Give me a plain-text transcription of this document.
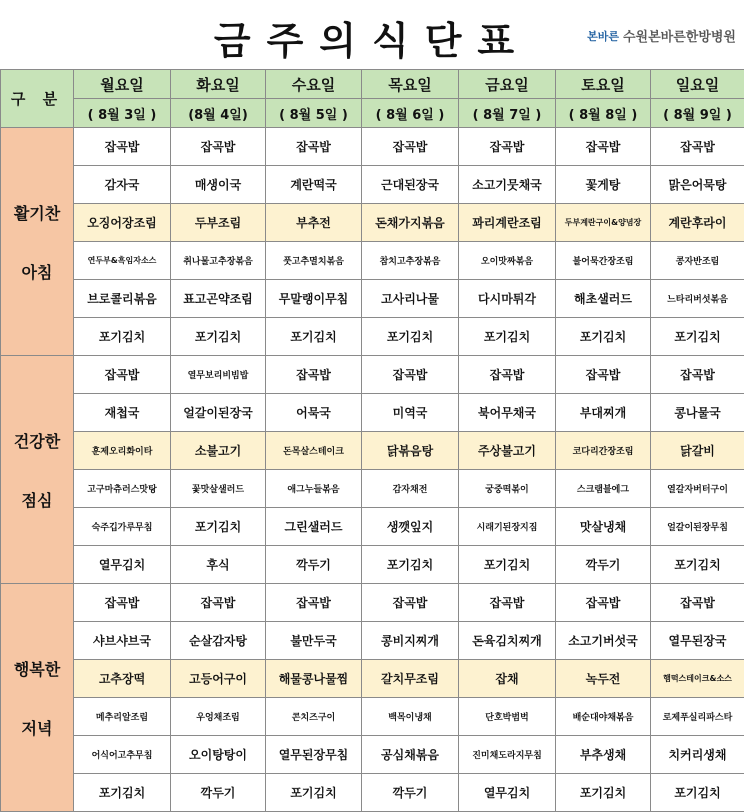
금주의식단표	본바른 수원본바른한방병원
구 분	월요일	화요일	수요일	목요일	금요일	토요일	일요일
	( 8월 3일 )	(8월 4일)	( 8월 5일 )	( 8월 6일 )	( 8월 7일 )	( 8월 8일 )	( 8월 9일 )

활기찬
아침	잡곡밥	잡곡밥	잡곡밥	잡곡밥	잡곡밥	잡곡밥	잡곡밥
	감자국	매생이국	계란떡국	근대된장국	소고기뭇채국	꽃게탕	맑은어묵탕
	오징어장조림	두부조림	부추전	돈채가지볶음	꽈리계란조림	두부계란구이&양념장	계란후라이
	연두부&흑임자소스	취나물고추장볶음	풋고추멸치볶음	참치고추장볶음	오이맛짜볶음	불어묵간장조림	콩자반조림
	브로콜리볶음	표고곤약조림	무말랭이무침	고사리나물	다시마튀각	해초샐러드	느타리버섯볶음
	포기김치	포기김치	포기김치	포기김치	포기김치	포기김치	포기김치

건강한
점심	잡곡밥	열무보리비빔밥	잡곡밥	잡곡밥	잡곡밥	잡곡밥	잡곡밥
	재첩국	얼갈이된장국	어묵국	미역국	북어무채국	부대찌개	콩나물국
	훈제오리화이타	소불고기	돈목살스테이크	닭볶음탕	주상불고기	코다리간장조림	닭갈비
	고구마츄러스맛탕	꽃맛살샐러드	애그누들볶음	감자채전	궁중떡볶이	스크램블에그	열갈자버터구이
	숙주깁가루무침	포기김치	그린샐러드	생깻잎지	시래기된장지짐	맛살냉채	얼갈이된장무침
	열무김치	후식	깍두기	포기김치	포기김치	깍두기	포기김치

행복한
저녁	잡곡밥	잡곡밥	잡곡밥	잡곡밥	잡곡밥	잡곡밥	잡곡밥
	샤브샤브국	순살감자탕	불만두국	콩비지찌개	돈육김치찌개	소고기버섯국	열무된장국
	고추장떡	고등어구이	해물콩나물찜	갈치무조림	잡채	녹두전	햄떡스테이크&소스
	메추리알조림	우엉채조림	콘치즈구이	백목이냉채	단호박범벅	배순대야채볶음	로제푸실리파스타
	어식어고추무침	오이탕탕이	열무된장무침	공심채볶음	진미채도라지무침	부추생채	치커리생채
	포기김치	깍두기	포기김치	깍두기	열무김치	포기김치	포기김치
